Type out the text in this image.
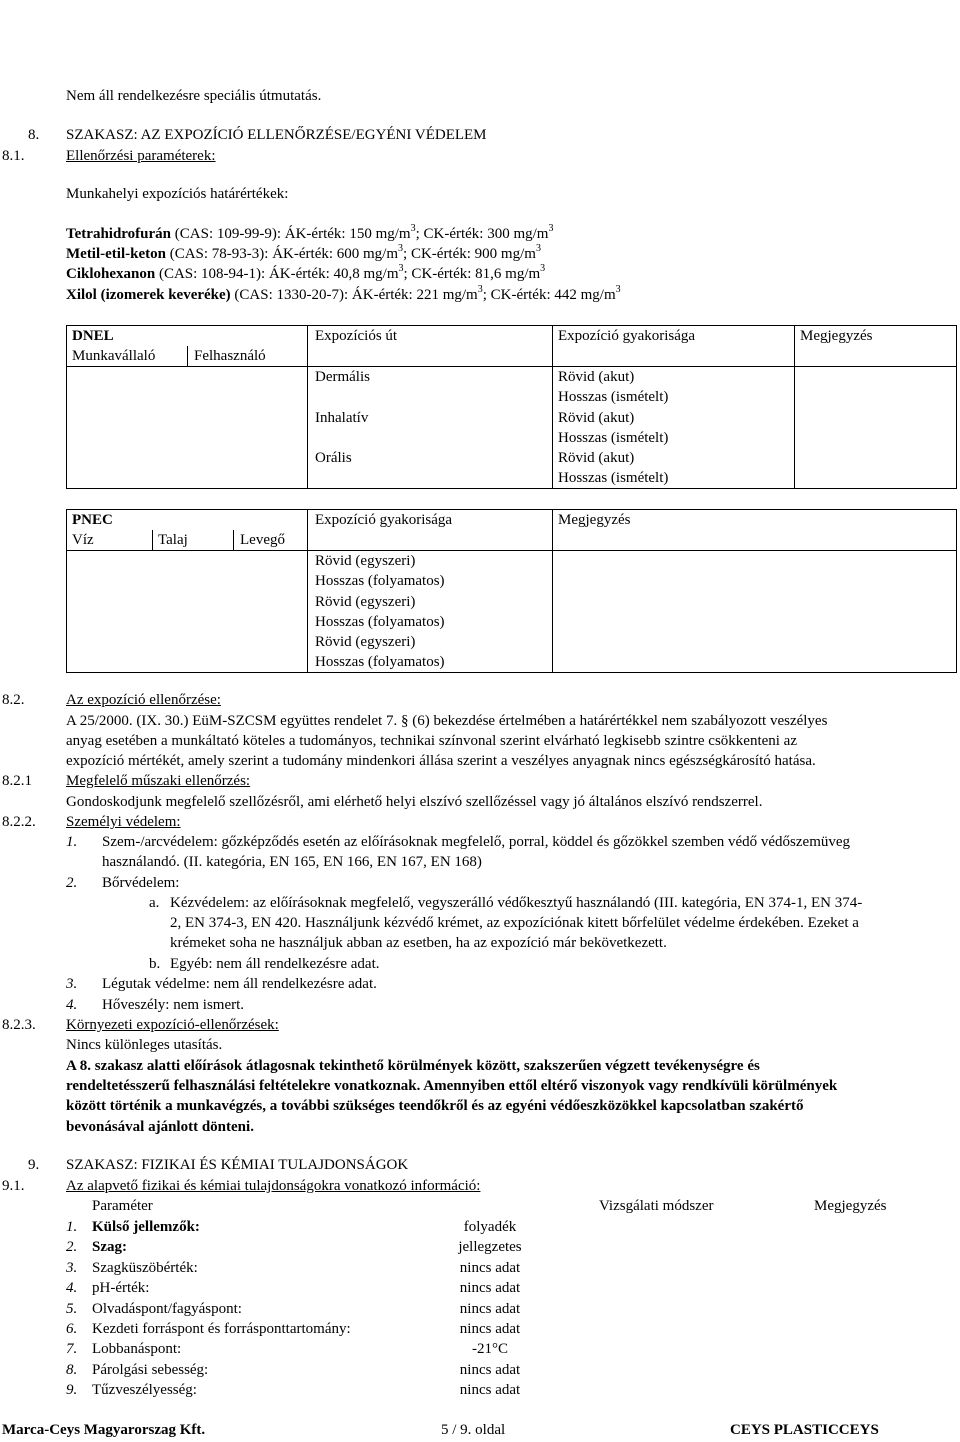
Elkészítés időpontja: 2006. november 22.
Felülvizsgálat időpontja: 2013. február 5.
Verziószám: 2
http://www.biztonsagiadatlap.hu
Nem áll rendelkezésre speciális útmutatás.
8. SZAKASZ: AZ EXPOZÍCIÓ ELLENŐRZÉSE/EGYÉNI VÉDELEM
8.1.	Ellenőrzési paraméterek:
Munkahelyi expozíciós határértékek:
Tetrahidrofurán (CAS: 109-99-9): ÁK-érték: 150 $mg/m^3$; CK-érték: 300 $mg/m^3$
Metil-etil-keton (CAS: 78-93-3): ÁK-érték: 600 $mg/m^3$; CK-érték: 900 $mg/m^3$
Ciklohexanon (CAS: 108-94-1): ÁK-érték: 40,8 $mg/m^3$; CK-érték: 81,6 $mg/m^3$
Xilol (izomerek keveréke) (CAS: 1330-20-7): ÁK-érték: 221 $mg/m^3$; CK-érték: 442 $mg/m^3$
DNEL	Expozíciós út	Expozíció gyakorisága	Megjegyzés
Munkavállaló	Felhasználó
Dermális	Rövid (akut)
Hosszas (ismételt)
Inhalatív	Rövid (akut)
Hosszas (ismételt)
Orális	Rövid (akut)
Hosszas (ismételt)
PNEC	Expozíció gyakorisága	Megjegyzés
Víz	Talaj	Levegő
Rövid (egyszeri)
Hosszas (folyamatos)
Rövid (egyszeri)
Hosszas (folyamatos)
Rövid (egyszeri)
Hosszas (folyamatos)
8.2.	Az expozíció ellenőrzése:
A 25/2000. (IX. 30.) EüM-SZCSM együttes rendelet 7. § (6) bekezdése értelmében a határértékkel nem szabályozott veszélyes
anyag esetében a munkáltató köteles a tudományos, technikai színvonal szerint elvárható legkisebb szintre csökkenteni az
expozíció mértékét, amely szerint a tudomány mindenkori állása szerint a veszélyes anyagnak nincs egészségkárosító hatása.
8.2.1 Megfelelő műszaki ellenőrzés:
Gondoskodjunk megfelelő szellőzésről, ami elérhető helyi elszívó szellőzéssel vagy jó általános elszívó rendszerrel.
8.2.2. Személyi védelem:
1. Szem-/arcvédelem: gőzképződés esetén az előírásoknak megfelelő, porral, köddel és gőzökkel szemben védő védőszemüveg
használandó. (II. kategória, EN 165, EN 166, EN 167, EN 168)
2. Bőrvédelem:
a. Kézvédelem: az előírásoknak megfelelő, vegyszerálló védőkesztyű használandó (III. kategória, EN 374-1, EN 374-
2, EN 374-3, EN 420. Használjunk kézvédő krémet, az expozíciónak kitett bőrfelület védelme érdekében. Ezeket a
krémeket soha ne használjuk abban az esetben, ha az expozíció már bekövetkezett.
b. Egyéb: nem áll rendelkezésre adat.
3. Légutak védelme: nem áll rendelkezésre adat.
4. Hőveszély: nem ismert.
8.2.3. Környezeti expozíció-ellenőrzések:
Nincs különleges utasítás.
A 8. szakasz alatti előírások átlagosnak tekinthető körülmények között, szakszerűen végzett tevékenységre és
rendeltetésszerű felhasználási feltételekre vonatkoznak. Amennyiben ettől eltérő viszonyok vagy rendkívüli körülmények
között történik a munkavégzés, a további szükséges teendőkről és az egyéni védőeszközökkel kapcsolatban szakértő
bevonásával ajánlott dönteni.
9. SZAKASZ: FIZIKAI ÉS KÉMIAI TULAJDONSÁGOK
9.1.	Az alapvető fizikai és kémiai tulajdonságokra vonatkozó információ:
Paraméter	Vizsgálati módszer	Megjegyzés
1. Külső jellemzők:	folyadék
2. Szag:	jellegzetes
3. Szagküszöbérték:	nincs adat
4. pH-érték:	nincs adat
5. Olvadáspont/fagyáspont:	nincs adat
6. Kezdeti forráspont és forrásponttartomány:	nincs adat
7. Lobbanáspont:	-21°C
8. Párolgási sebesség:	nincs adat
9. Tűzveszélyesség:	nincs adat
Marca-Ceys Magyarorszag Kft.	5 / 9. oldal	CEYS PLASTICCEYS
